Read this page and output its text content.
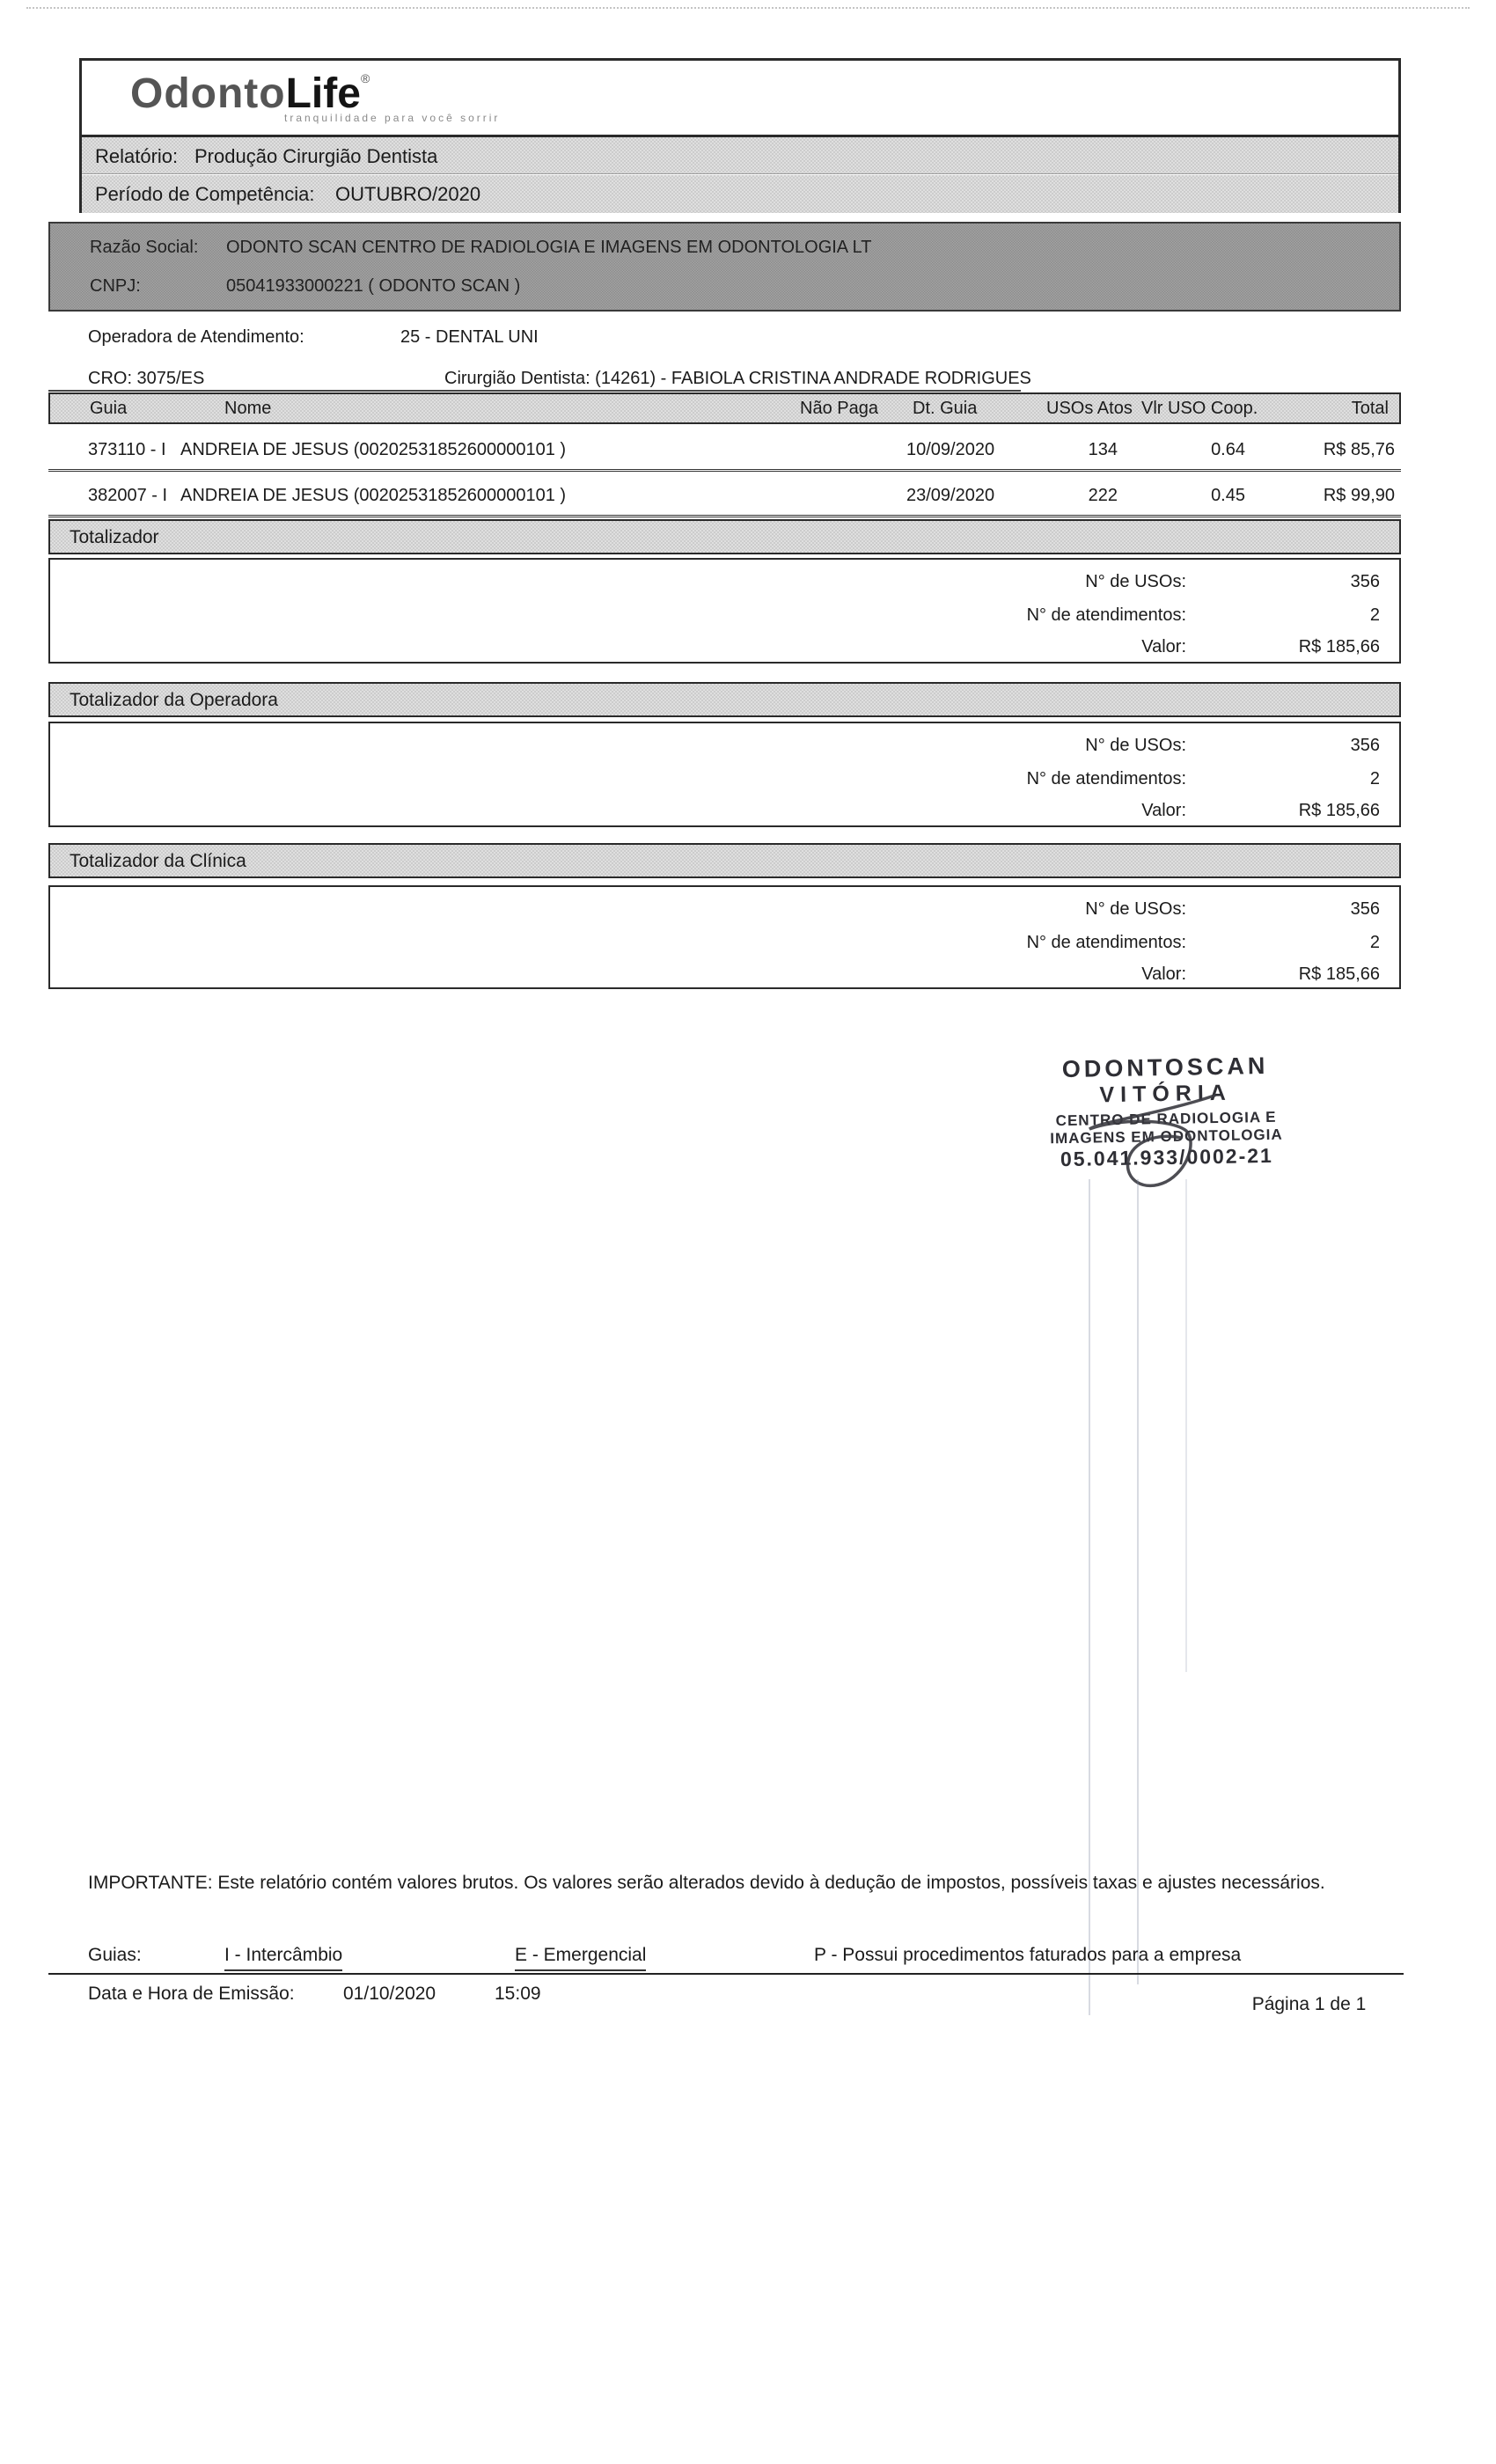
OdontoLife®
tranquilidade para você sorrir
Relatório: Produção Cirurgião Dentista
Período de Competência: OUTUBRO/2020
Razão Social: ODONTO SCAN CENTRO DE RADIOLOGIA E IMAGENS EM ODONTOLOGIA LT
CNPJ:	05041933000221 ( ODONTO SCAN )
Operadora de Atendimento:	25 - DENTAL UNI
CRO: 3075/ES	Cirurgião Dentista: (14261) - FABIOLA CRISTINA ANDRADE RODRIGUES
Guia	Nome	Não Paga Dt. Guia	USOs Atos Vlr USO Coop.	Total
373110 - I ANDREIA DE JESUS (00202531852600000101 )	10/09/2020	134	0.64	R$ 85,76
382007 - I ANDREIA DE JESUS (00202531852600000101 )	23/09/2020	222	0.45	R$ 99,90
Totalizador
N° de USOs:	356
N° de atendimentos:	2
Valor:	R$ 185,66
Totalizador da Operadora
N° de USOs:	356
N° de atendimentos:	2
Valor:	R$ 185,66
Totalizador da Clínica
N° de USOs:	356
N° de atendimentos:	2
Valor:	R$ 185,66
ODONTOSCAN
VITÓRIA
CENTRO DE RADIOLOGIA E
IMAGENS EM ODONTOLOGIA
05.041.933/0002-21
IMPORTANTE: Este relatório contém valores brutos. Os valores serão alterados devido à dedução de impostos, possíveis taxas e ajustes necessários.
Guias:	I - Intercâmbio	E - Emergencial	P - Possui procedimentos faturados para a empresa
Data e Hora de Emissão:	01/10/2020	15:09
Página 1 de 1
